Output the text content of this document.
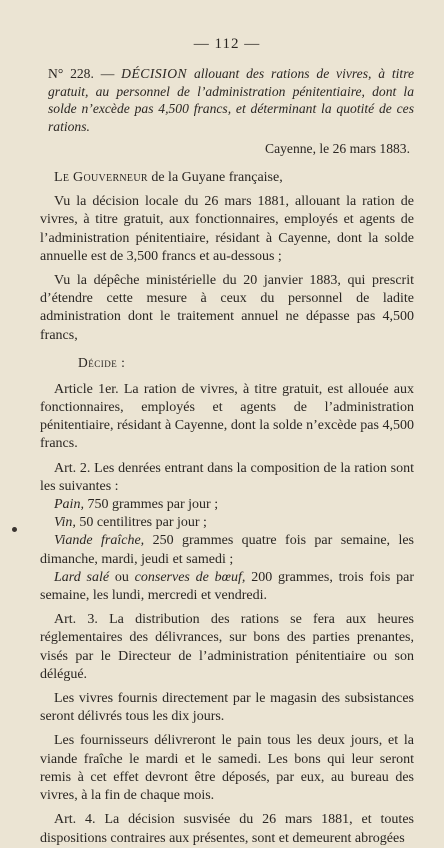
— 112 —
N° 228. — DÉCISION allouant des rations de vivres, à titre gratuit, au personnel de l’administration pénitentiaire, dont la solde n’excède pas 4,500 francs, et déterminant la quotité de ces rations.
Cayenne, le 26 mars 1883.

Le Gouverneur de la Guyane française,

Vu la décision locale du 26 mars 1881, allouant la ration de vivres, à titre gratuit, aux fonctionnaires, employés et agents de l’administration pénitentiaire, résidant à Cayenne, dont la solde annuelle est de 3,500 francs et au-dessous ;

Vu la dépêche ministérielle du 20 janvier 1883, qui prescrit d’étendre cette mesure à ceux du personnel de ladite administration dont le traitement annuel ne dépasse pas 4,500 francs,

Décide :

Article 1er. La ration de vivres, à titre gratuit, est allouée aux fonctionnaires, employés et agents de l’administration pénitentiaire, résidant à Cayenne, dont la solde n’excède pas 4,500 francs.

Art. 2. Les denrées entrant dans la composition de la ration sont les suivantes :

Pain, 750 grammes par jour ;

Vin, 50 centilitres par jour ;

Viande fraîche, 250 grammes quatre fois par semaine, les dimanche, mardi, jeudi et samedi ;

Lard salé ou conserves de bœuf, 200 grammes, trois fois par semaine, les lundi, mercredi et vendredi.

Art. 3. La distribution des rations se fera aux heures réglementaires des délivrances, sur bons des parties prenantes, visés par le Directeur de l’administration pénitentiaire ou son délégué.

Les vivres fournis directement par le magasin des subsistances seront délivrés tous les dix jours.

Les fournisseurs délivreront le pain tous les deux jours, et la viande fraîche le mardi et le samedi. Les bons qui leur seront remis à cet effet devront être déposés, par eux, au bureau des vivres, à la fin de chaque mois.

Art. 4. La décision susvisée du 26 mars 1881, et toutes dispositions contraires aux présentes, sont et demeurent abrogées
